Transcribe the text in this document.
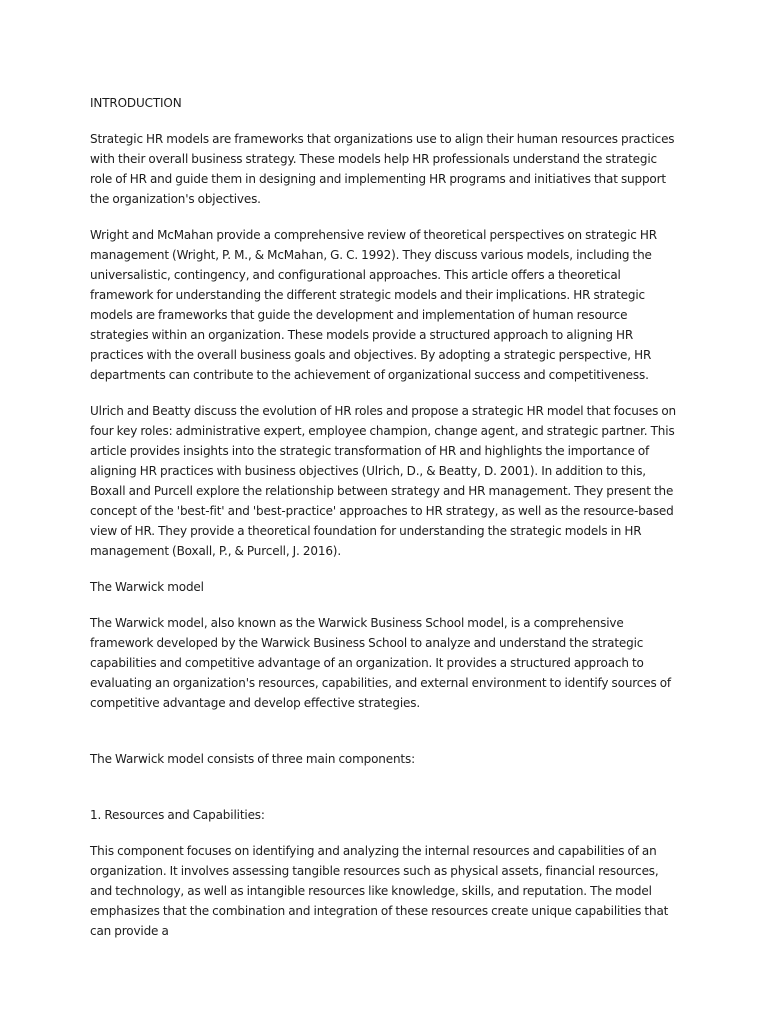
INTRODUCTION

Strategic HR models are frameworks that organizations use to align their human resources practices with their overall business strategy. These models help HR professionals understand the strategic role of HR and guide them in designing and implementing HR programs and initiatives that support the organization's objectives.

Wright and McMahan provide a comprehensive review of theoretical perspectives on strategic HR management (Wright, P. M., & McMahan, G. C. 1992). They discuss various models, including the universalistic, contingency, and configurational approaches. This article offers a theoretical framework for understanding the different strategic models and their implications. HR strategic models are frameworks that guide the development and implementation of human resource strategies within an organization. These models provide a structured approach to aligning HR practices with the overall business goals and objectives. By adopting a strategic perspective, HR departments can contribute to the achievement of organizational success and competitiveness.

Ulrich and Beatty discuss the evolution of HR roles and propose a strategic HR model that focuses on four key roles: administrative expert, employee champion, change agent, and strategic partner. This article provides insights into the strategic transformation of HR and highlights the importance of aligning HR practices with business objectives (Ulrich, D., & Beatty, D. 2001). In addition to this, Boxall and Purcell explore the relationship between strategy and HR management. They present the concept of the 'best-fit' and 'best-practice' approaches to HR strategy, as well as the resource-based view of HR. They provide a theoretical foundation for understanding the strategic models in HR management (Boxall, P., & Purcell, J. 2016).

The Warwick model

The Warwick model, also known as the Warwick Business School model, is a comprehensive framework developed by the Warwick Business School to analyze and understand the strategic capabilities and competitive advantage of an organization. It provides a structured approach to evaluating an organization's resources, capabilities, and external environment to identify sources of competitive advantage and develop effective strategies.

The Warwick model consists of three main components:

1. Resources and Capabilities:

This component focuses on identifying and analyzing the internal resources and capabilities of an organization. It involves assessing tangible resources such as physical assets, financial resources, and technology, as well as intangible resources like knowledge, skills, and reputation. The model emphasizes that the combination and integration of these resources create unique capabilities that can provide a
